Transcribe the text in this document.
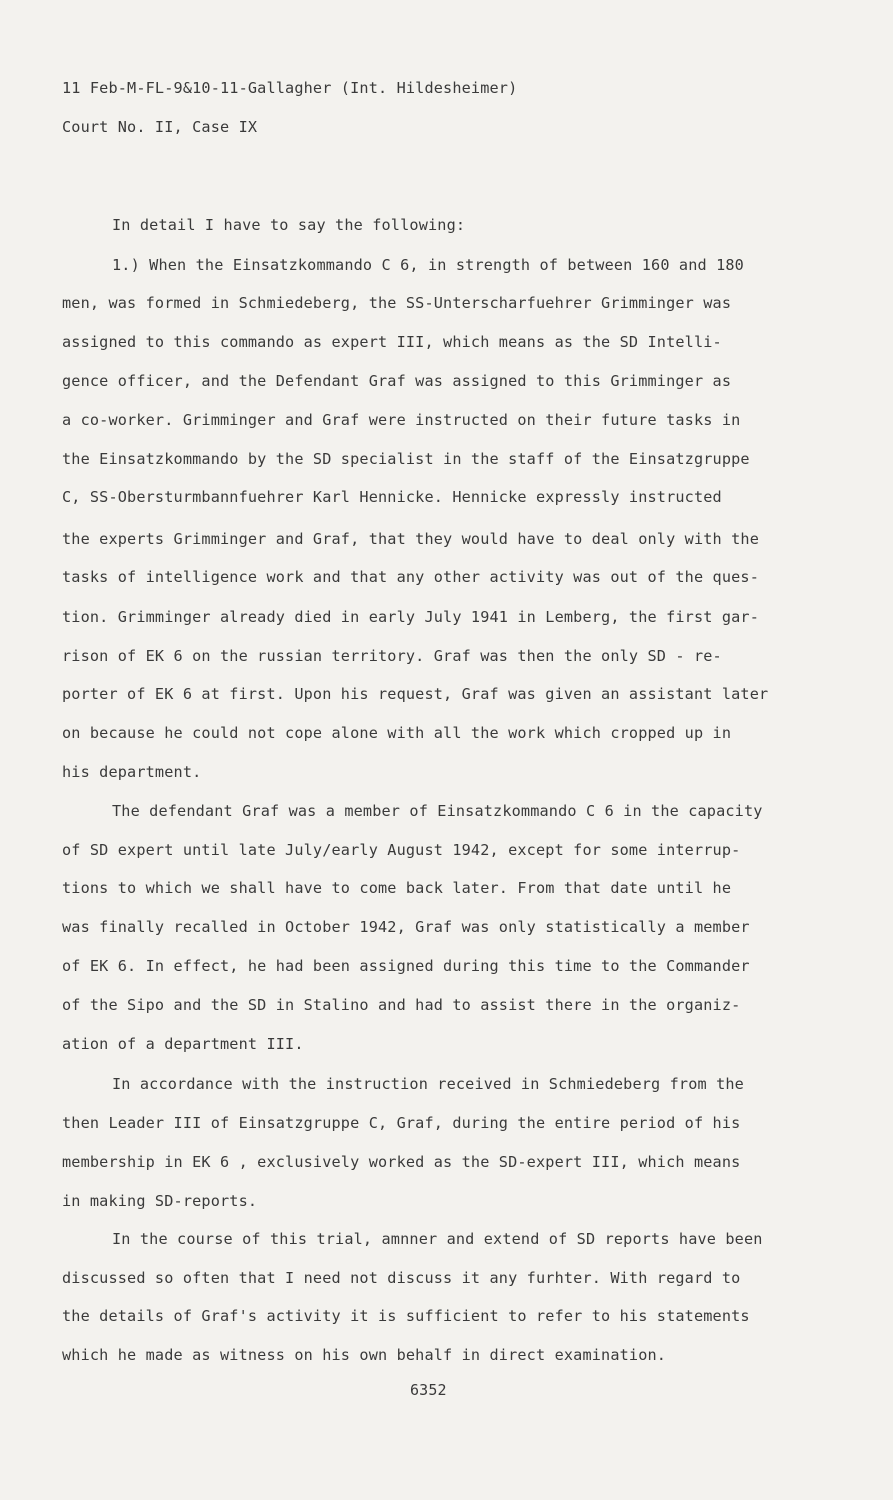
11 Feb-M-FL-9&10-11-Gallagher (Int. Hildesheimer)
Court No. II, Case IX
In detail I have to say the following:
1.) When the Einsatzkommando C 6, in strength of between 160 and 180
men, was formed in Schmiedeberg, the SS-Unterscharfuehrer Grimminger was
assigned to this commando as expert III, which means as the SD Intelli-
gence officer, and the Defendant Graf was assigned to this Grimminger as
a co-worker. Grimminger and Graf were instructed on their future tasks in
the Einsatzkommando by the SD specialist in the staff of the Einsatzgruppe
C, SS-Obersturmbannfuehrer Karl Hennicke. Hennicke expressly instructed
the experts Grimminger and Graf, that they would have to deal only with the
tasks of intelligence work and that any other activity was out of the ques-
tion. Grimminger already died in early July 1941 in Lemberg, the first gar-
rison of EK 6 on the russian territory. Graf was then the only SD - re-
porter of EK 6 at first. Upon his request, Graf was given an assistant later
on because he could not cope alone with all the work which cropped up in
his department.
The defendant Graf was a member of Einsatzkommando C 6 in the capacity
of SD expert until late July/early August 1942, except for some interrup-
tions to which we shall have to come back later. From that date until he
was finally recalled in October 1942, Graf was only statistically a member
of EK 6. In effect, he had been assigned during this time to the Commander
of the Sipo and the SD in Stalino and had to assist there in the organiz-
ation of a department III.
In accordance with the instruction received in Schmiedeberg from the
then Leader III of Einsatzgruppe C, Graf, during the entire period of his
membership in EK 6 , exclusively worked as the SD-expert III, which means
in making SD-reports.
In the course of this trial, amnner and extend of SD reports have been
discussed so often that I need not discuss it any furhter. With regard to
the details of Graf's activity it is sufficient to refer to his statements
which he made as witness on his own behalf in direct examination.
6352
